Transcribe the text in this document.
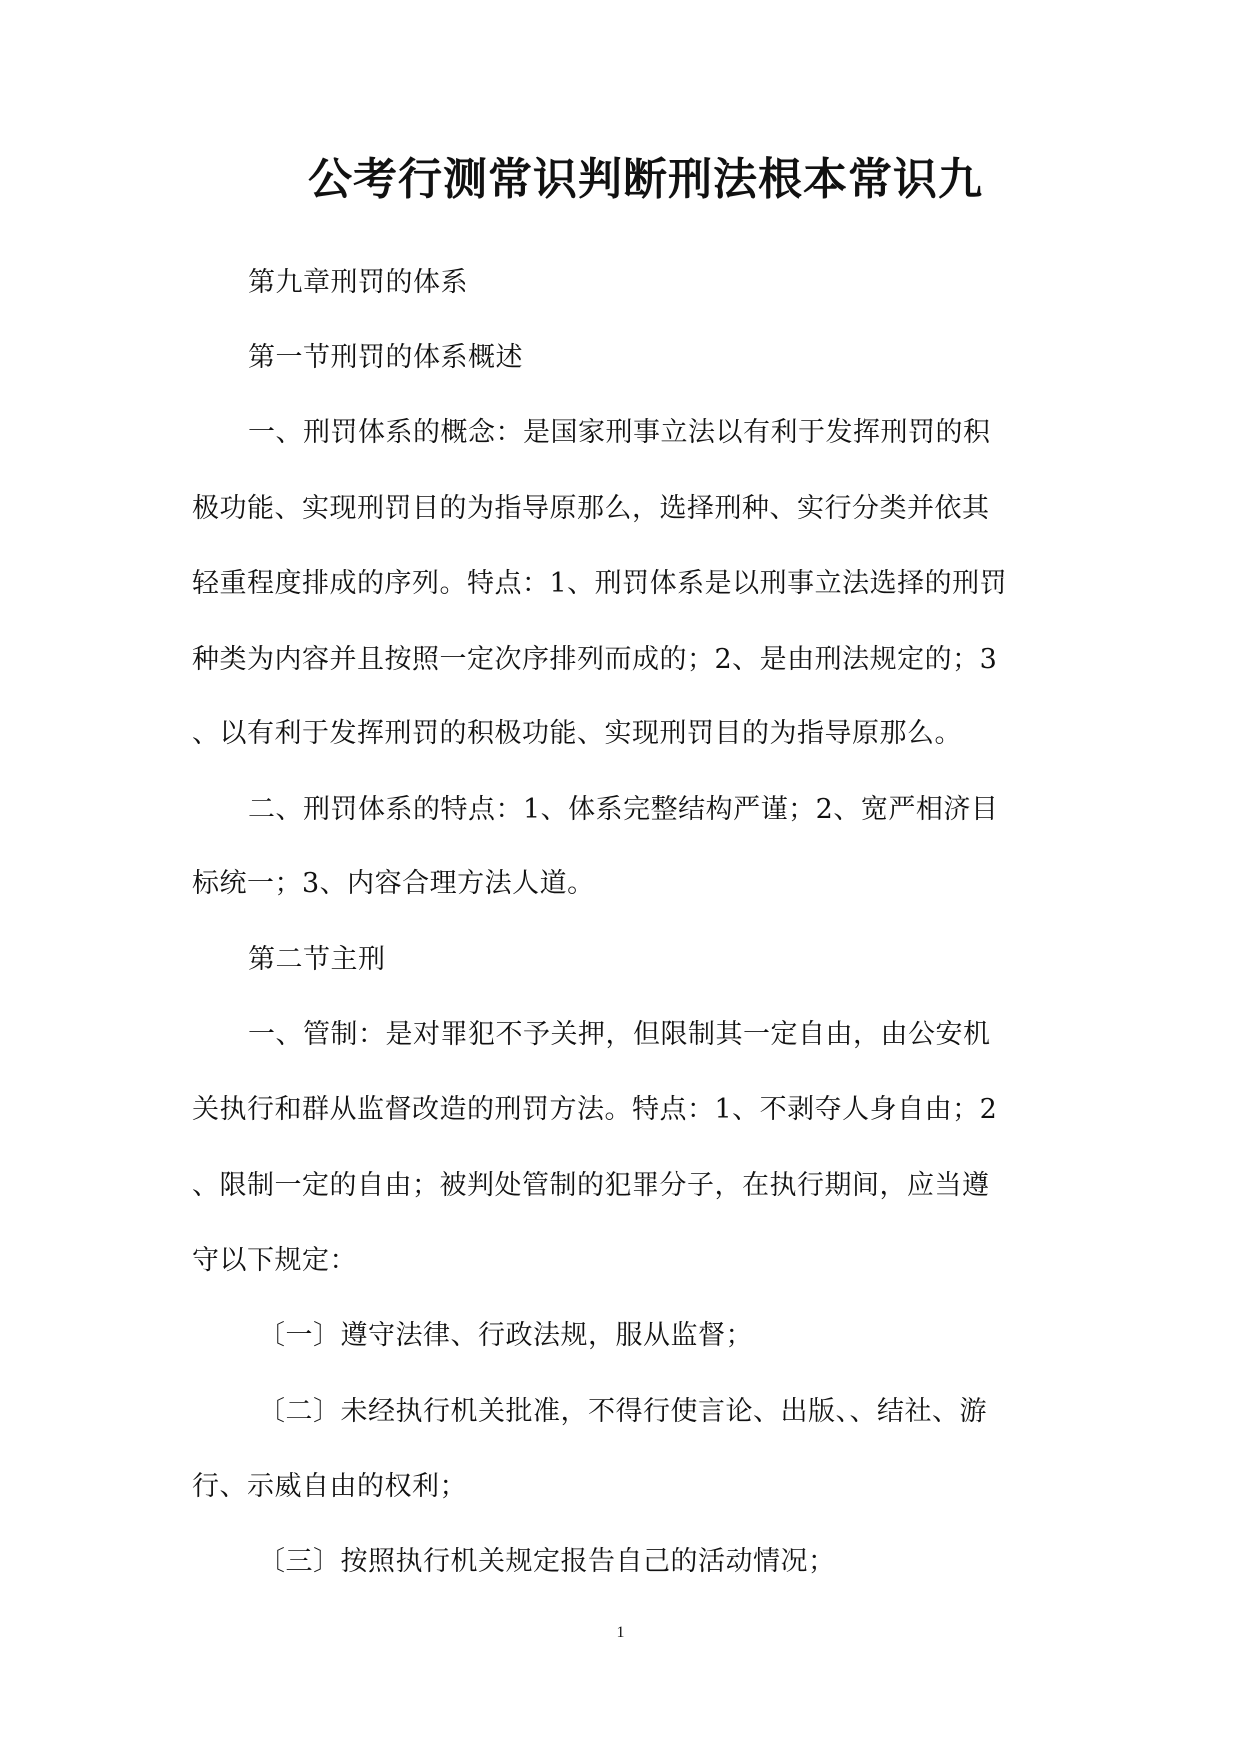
公考行测常识判断刑法根本常识九
第九章刑罚的体系
第一节刑罚的体系概述
一、刑罚体系的概念：是国家刑事立法以有利于发挥刑罚的积
极功能、实现刑罚目的为指导原那么，选择刑种、实行分类并依其
轻重程度排成的序列。特点：1、刑罚体系是以刑事立法选择的刑罚
种类为内容并且按照一定次序排列而成的；2、是由刑法规定的；3
、以有利于发挥刑罚的积极功能、实现刑罚目的为指导原那么。
二、刑罚体系的特点：1、体系完整结构严谨；2、宽严相济目
标统一；3、内容合理方法人道。
第二节主刑
一、管制：是对罪犯不予关押，但限制其一定自由，由公安机
关执行和群从监督改造的刑罚方法。特点：1、不剥夺人身自由；2
、限制一定的自由；被判处管制的犯罪分子，在执行期间，应当遵
守以下规定：
〔一〕遵守法律、行政法规，服从监督；
〔二〕未经执行机关批准，不得行使言论、出版、、结社、游
行、示威自由的权利；
〔三〕按照执行机关规定报告自己的活动情况；
1
